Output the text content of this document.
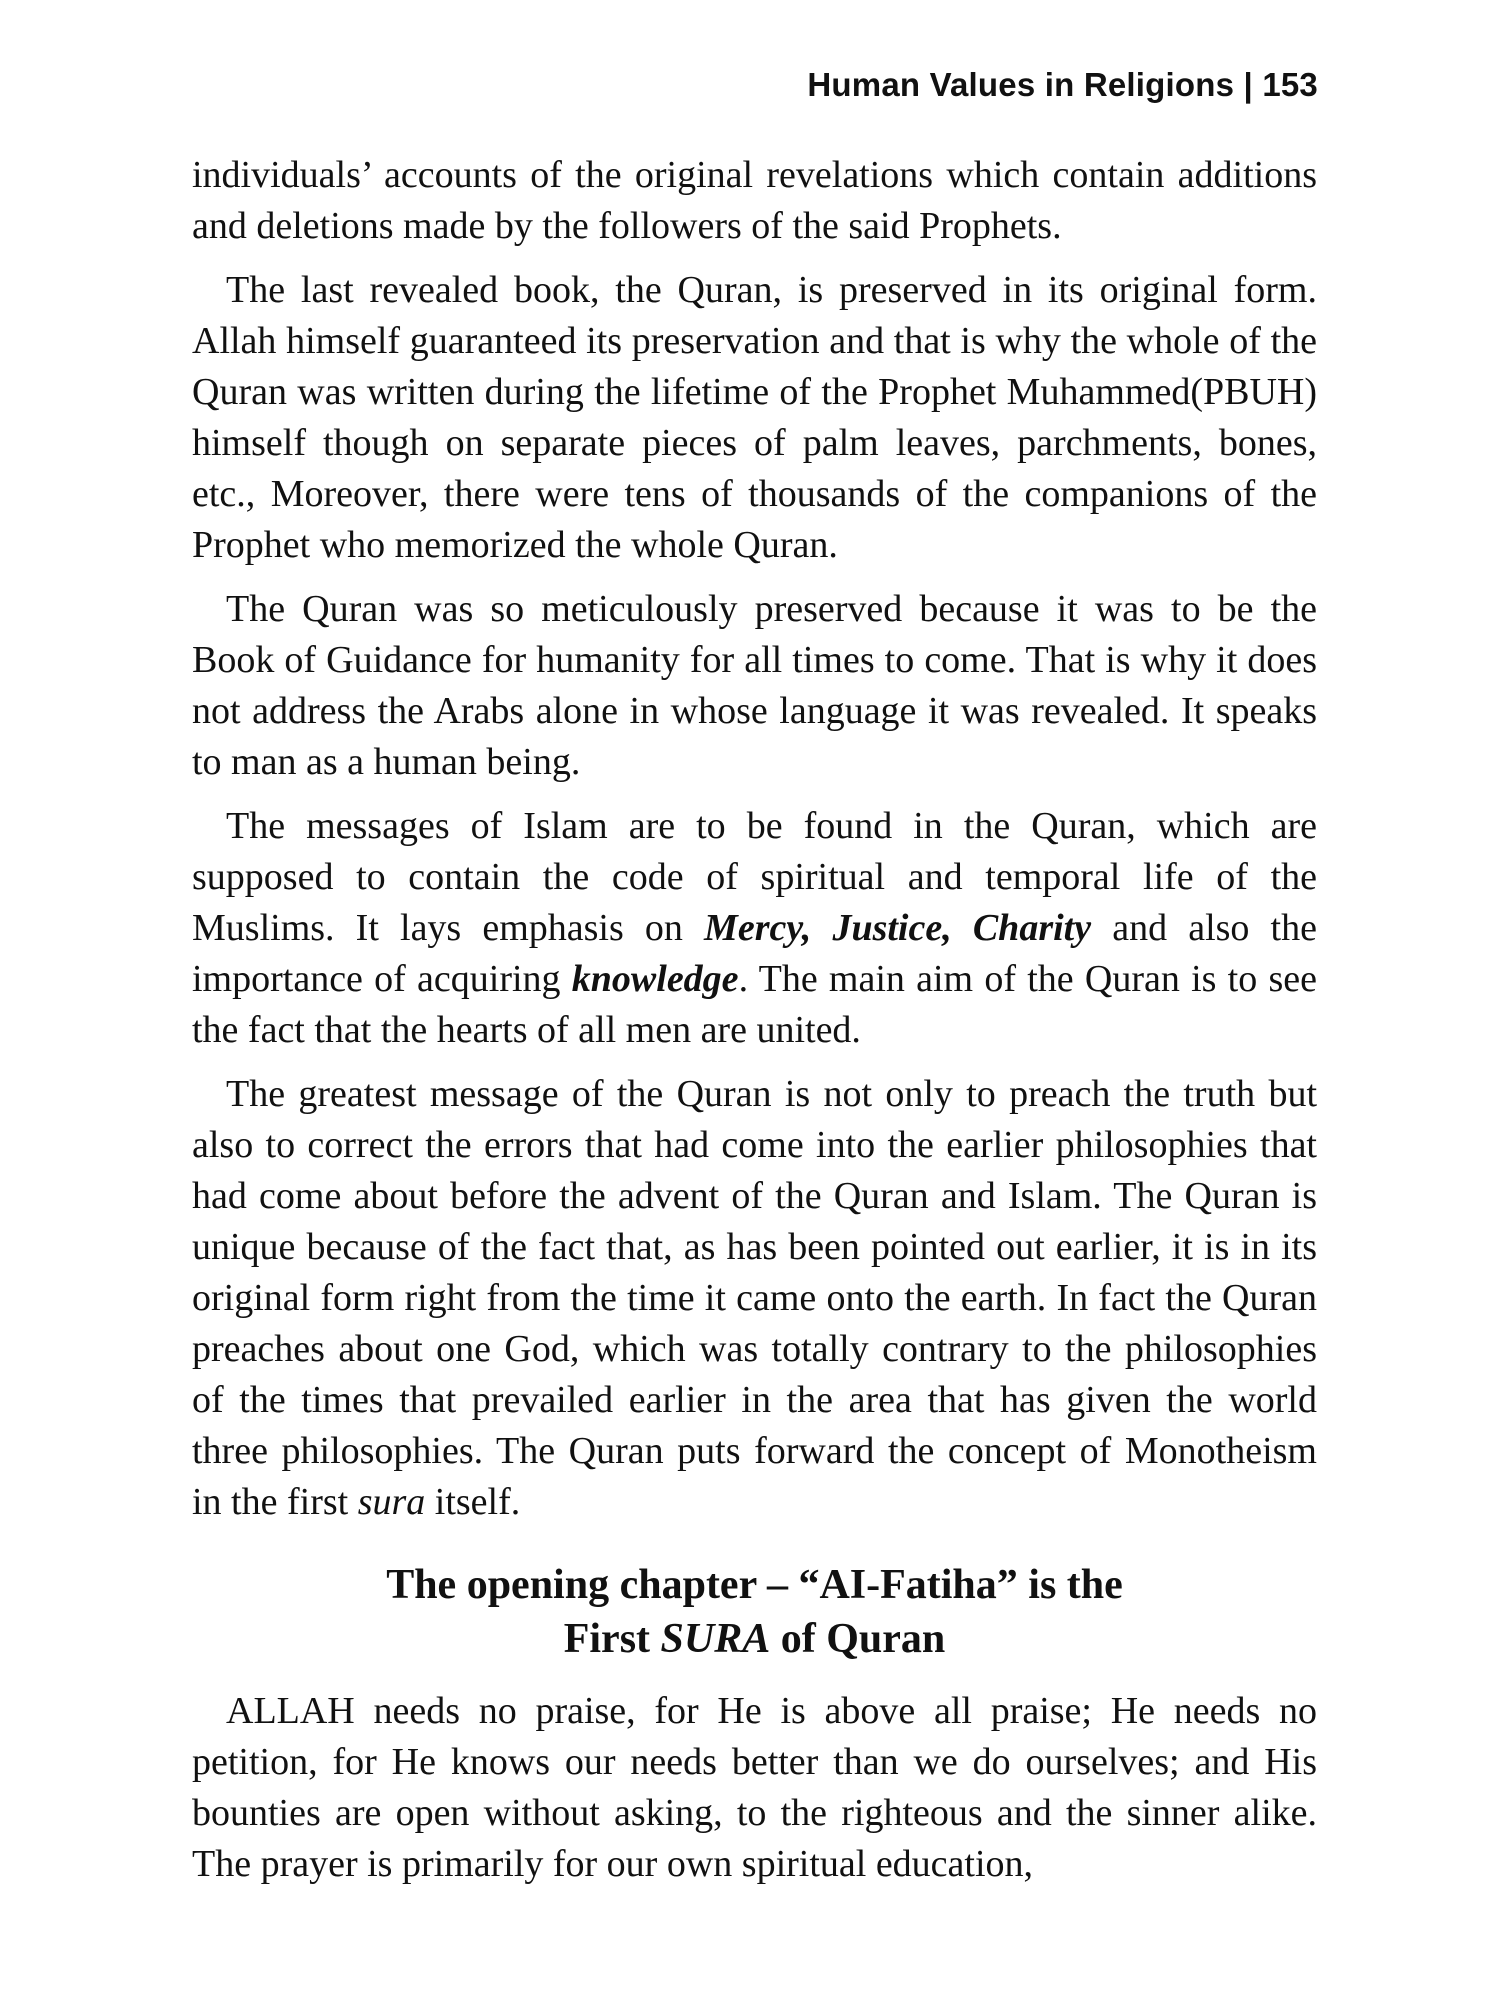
Human Values in Religions | 153

individuals’ accounts of the original revelations which contain additions and deletions made by the followers of the said Prophets.

The last revealed book, the Quran, is preserved in its original form. Allah himself guaranteed its preservation and that is why the whole of the Quran was written during the lifetime of the Prophet Muhammed(PBUH) himself though on separate pieces of palm leaves, parchments, bones, etc., Moreover, there were tens of thousands of the companions of the Prophet who memorized the whole Quran.

The Quran was so meticulously preserved because it was to be the Book of Guidance for humanity for all times to come. That is why it does not address the Arabs alone in whose language it was revealed. It speaks to man as a human being.

The messages of Islam are to be found in the Quran, which are supposed to contain the code of spiritual and temporal life of the Muslims. It lays emphasis on Mercy, Justice, Charity and also the importance of acquiring knowledge. The main aim of the Quran is to see the fact that the hearts of all men are united.

The greatest message of the Quran is not only to preach the truth but also to correct the errors that had come into the earlier philosophies that had come about before the advent of the Quran and Islam. The Quran is unique because of the fact that, as has been pointed out earlier, it is in its original form right from the time it came onto the earth. In fact the Quran preaches about one God, which was totally contrary to the philosophies of the times that prevailed earlier in the area that has given the world three philosophies. The Quran puts forward the concept of Monotheism in the first sura itself.

The opening chapter – “AI-Fatiha” is the
First SURA of Quran

ALLAH needs no praise, for He is above all praise; He needs no petition, for He knows our needs better than we do ourselves; and His bounties are open without asking, to the righteous and the sinner alike. The prayer is primarily for our own spiritual education,
